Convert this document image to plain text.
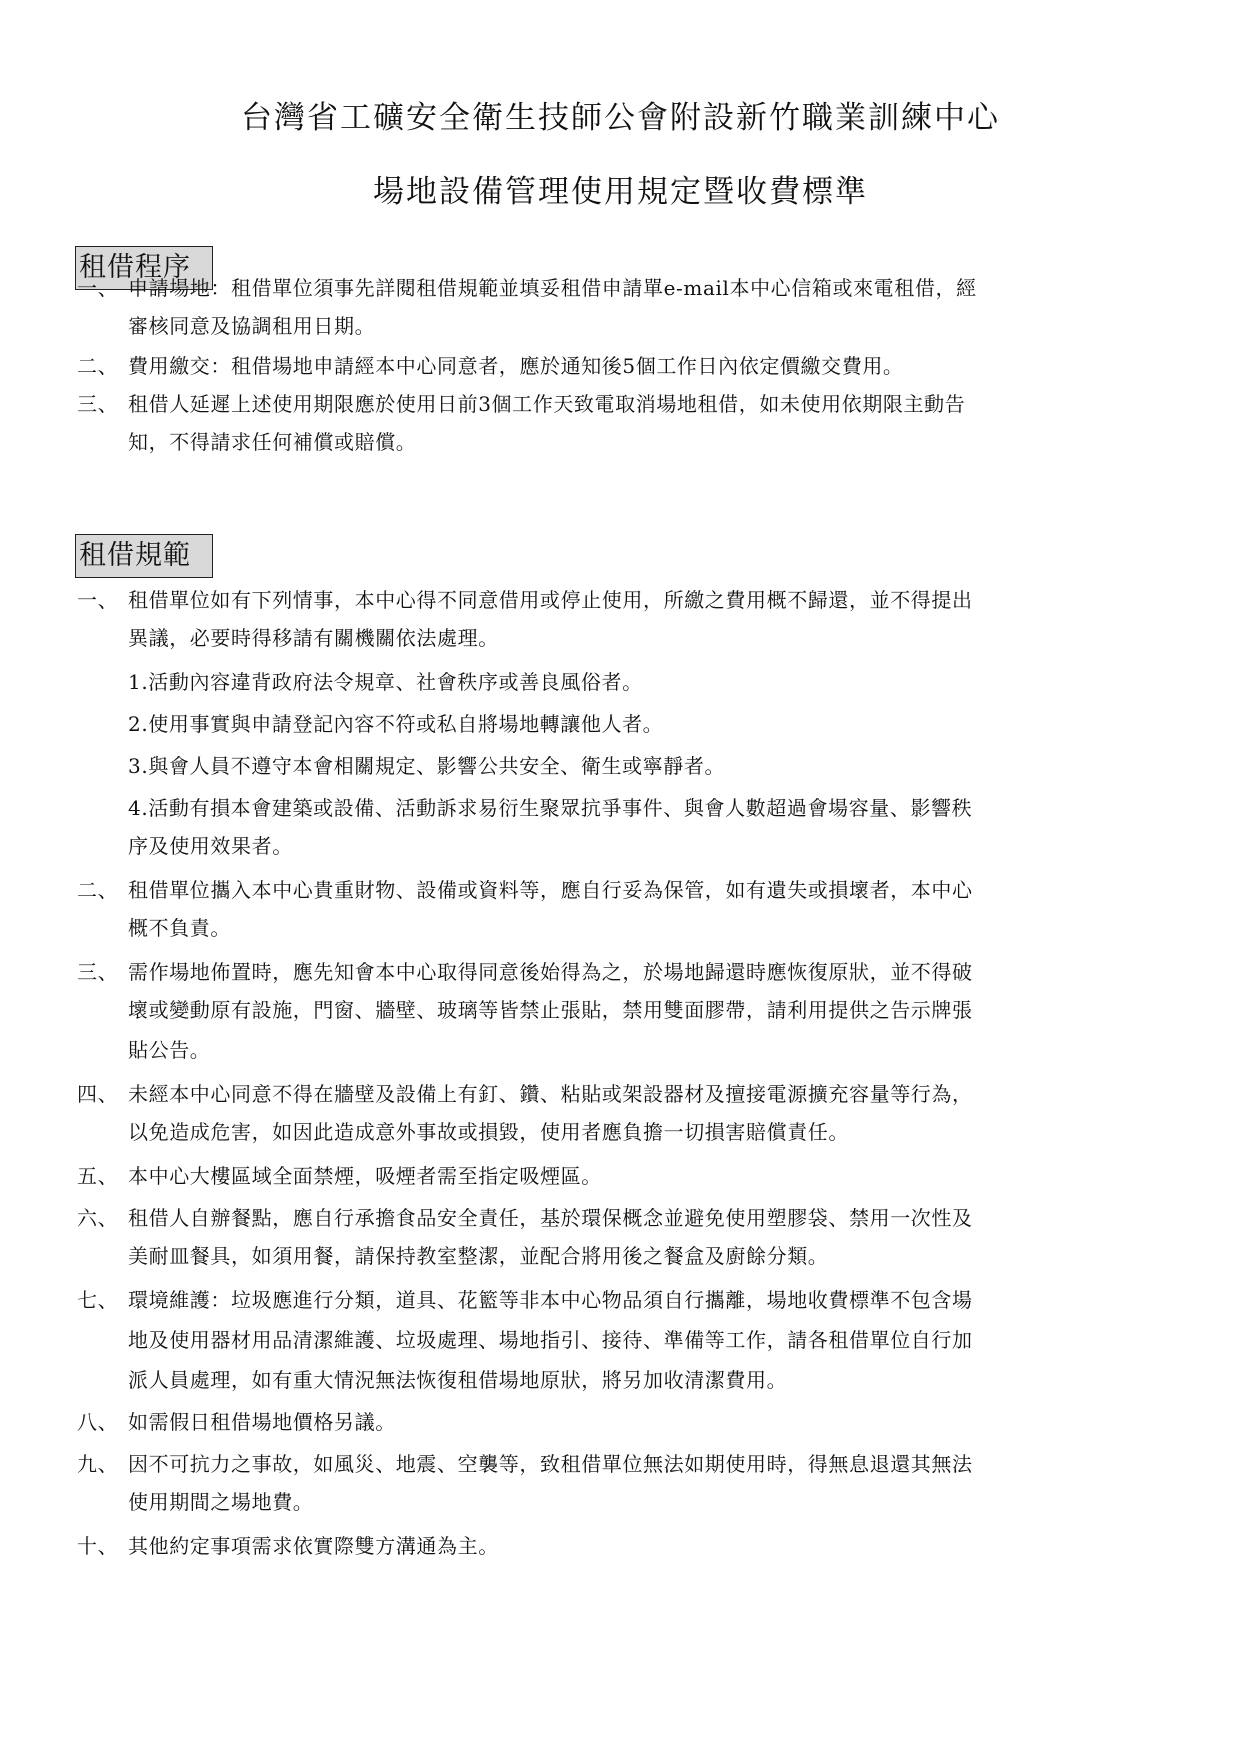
台灣省工礦安全衛生技師公會附設新竹職業訓練中心
場地設備管理使用規定暨收費標準
租借程序
一、 申請場地：租借單位須事先詳閱租借規範並填妥租借申請單e-mail本中心信箱或來電租借，經
審核同意及協調租用日期。
二、 費用繳交：租借場地申請經本中心同意者，應於通知後5個工作日內依定價繳交費用。
三、 租借人延遲上述使用期限應於使用日前3個工作天致電取消場地租借，如未使用依期限主動告
知，不得請求任何補償或賠償。
租借規範
一、 租借單位如有下列情事，本中心得不同意借用或停止使用，所繳之費用概不歸還，並不得提出
異議，必要時得移請有關機關依法處理。
1.活動內容違背政府法令規章、社會秩序或善良風俗者。
2.使用事實與申請登記內容不符或私自將場地轉讓他人者。
3.與會人員不遵守本會相關規定、影響公共安全、衛生或寧靜者。
4.活動有損本會建築或設備、活動訴求易衍生聚眾抗爭事件、與會人數超過會場容量、影響秩
序及使用效果者。
二、 租借單位攜入本中心貴重財物、設備或資料等，應自行妥為保管，如有遺失或損壞者，本中心
概不負責。
三、 需作場地佈置時，應先知會本中心取得同意後始得為之，於場地歸還時應恢復原狀，並不得破
壞或變動原有設施，門窗、牆壁、玻璃等皆禁止張貼，禁用雙面膠帶，請利用提供之告示牌張
貼公告。
四、 未經本中心同意不得在牆壁及設備上有釘、鑽、粘貼或架設器材及擅接電源擴充容量等行為，
以免造成危害，如因此造成意外事故或損毀，使用者應負擔一切損害賠償責任。
五、 本中心大樓區域全面禁煙，吸煙者需至指定吸煙區。
六、 租借人自辦餐點，應自行承擔食品安全責任，基於環保概念並避免使用塑膠袋、禁用一次性及
美耐皿餐具，如須用餐，請保持教室整潔，並配合將用後之餐盒及廚餘分類。
七、 環境維護：垃圾應進行分類，道具、花籃等非本中心物品須自行攜離，場地收費標準不包含場
地及使用器材用品清潔維護、垃圾處理、場地指引、接待、準備等工作，請各租借單位自行加
派人員處理，如有重大情況無法恢復租借場地原狀，將另加收清潔費用。
八、 如需假日租借場地價格另議。
九、 因不可抗力之事故，如風災、地震、空襲等，致租借單位無法如期使用時，得無息退還其無法
使用期間之場地費。
十、 其他約定事項需求依實際雙方溝通為主。
